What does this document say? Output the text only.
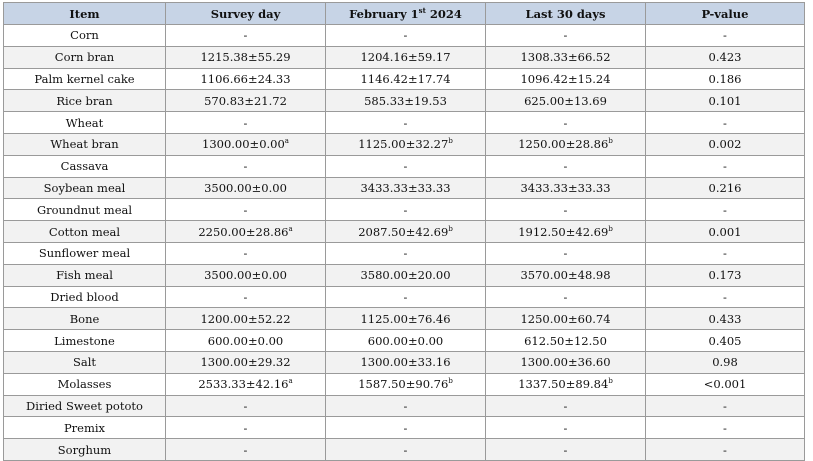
Item	Survey day	February 1st 2024	Last 30 days	P-value
Corn	-	-	-	-
Corn bran	1215.38±55.29	1204.16±59.17	1308.33±66.52	0.423
Palm kernel cake	1106.66±24.33	1146.42±17.74	1096.42±15.24	0.186
Rice bran	570.83±21.72	585.33±19.53	625.00±13.69	0.101
Wheat	-	-	-	-
Wheat bran	1300.00±0.00$^a$	1125.00±32.27$^b$	1250.00±28.86$^b$	0.002
Cassava	-	-	-	-
Soybean meal	3500.00±0.00	3433.33±33.33	3433.33±33.33	0.216
Groundnut meal	-	-	-	-
Cotton meal	2250.00±28.86$^a$	2087.50±42.69$^b$	1912.50±42.69$^b$	0.001
Sunflower meal	-	-	-	-
Fish meal	3500.00±0.00	3580.00±20.00	3570.00±48.98	0.173
Dried blood	-	-	-	-
Bone	1200.00±52.22	1125.00±76.46	1250.00±60.74	0.433
Limestone	600.00±0.00	600.00±0.00	612.50±12.50	0.405
Salt	1300.00±29.32	1300.00±33.16	1300.00±36.60	0.98
Molasses	2533.33±42.16$^a$	1587.50±90.76$^b$	1337.50±89.84$^b$	<0.001
Diried Sweet pototo	-	-	-	-
Premix	-	-	-	-
Sorghum	-	-	-	-
